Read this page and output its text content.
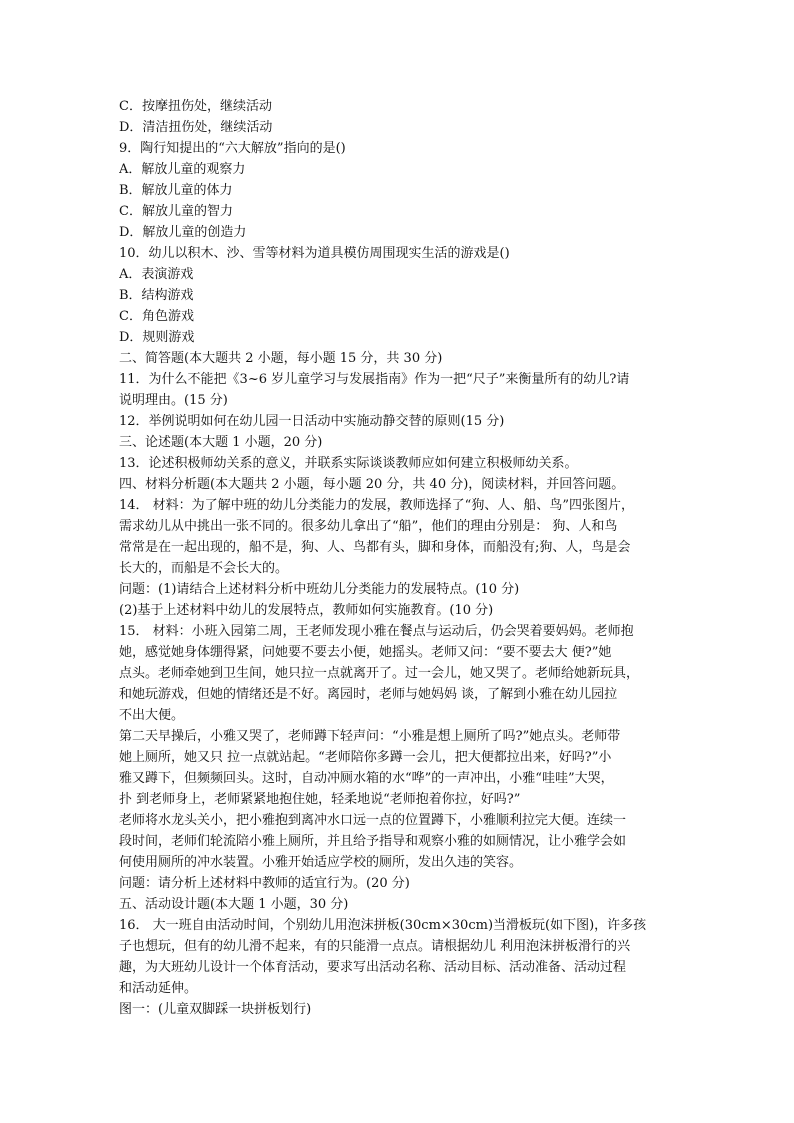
C．按摩扭伤处，继续活动
D．清洁扭伤处，继续活动
9．陶行知提出的“六大解放”指向的是()
A．解放儿童的观察力
B．解放儿童的体力
C．解放儿童的智力
D．解放儿童的创造力
10．幼儿以积木、沙、雪等材料为道具模仿周围现实生活的游戏是()
A．表演游戏
B．结构游戏
C．角色游戏
D．规则游戏
二、简答题(本大题共 2 小题，每小题 15 分，共 30 分)
11．为什么不能把《3~6 岁儿童学习与发展指南》作为一把“尺子”来衡量所有的幼儿?请
说明理由。(15 分)
12．举例说明如何在幼儿园一日活动中实施动静交替的原则(15 分)
三、论述题(本大题 1 小题，20 分)
13．论述积极师幼关系的意义，并联系实际谈谈教师应如何建立积极师幼关系。
四、材料分析题(本大题共 2 小题，每小题 20 分，共 40 分)，阅读材料，并回答问题。
14． 材料：为了解中班的幼儿分类能力的发展，教师选择了“狗、人、船、鸟”四张图片，
需求幼儿从中挑出一张不同的。很多幼儿拿出了“船”，他们的理由分别是： 狗、人和鸟
常常是在一起出现的，船不是，狗、人、鸟都有头，脚和身体，而船没有;狗、人，鸟是会
长大的，而船是不会长大的。
问题：(1)请结合上述材料分析中班幼儿分类能力的发展特点。(10 分)
(2)基于上述材料中幼儿的发展特点，教师如何实施教育。(10 分)
15． 材料：小班入园第二周，王老师发现小雅在餐点与运动后，仍会哭着要妈妈。老师抱
她，感觉她身体绷得紧，问她要不要去小便，她摇头。老师又问：“要不要去大 便?”她
点头。老师牵她到卫生间，她只拉一点就离开了。过一会儿，她又哭了。老师给她新玩具，
和她玩游戏，但她的情绪还是不好。离园时，老师与她妈妈 谈，了解到小雅在幼儿园拉
不出大便。
第二天早操后，小雅又哭了，老师蹲下轻声问：“小雅是想上厕所了吗?”她点头。老师带
她上厕所，她又只 拉一点就站起。“老师陪你多蹲一会儿，把大便都拉出来，好吗?”小
雅又蹲下，但频频回头。这时，自动冲厕水箱的水“哗”的一声冲出，小雅“哇哇”大哭，
扑 到老师身上，老师紧紧地抱住她，轻柔地说“老师抱着你拉，好吗?”
老师将水龙头关小，把小雅抱到离冲水口远一点的位置蹲下，小雅顺利拉完大便。连续一
段时间，老师们轮流陪小雅上厕所，并且给予指导和观察小雅的如厕情况，让小雅学会如
何使用厕所的冲水装置。小雅开始适应学校的厕所，发出久违的笑容。
问题：请分析上述材料中教师的适宜行为。(20 分)
五、活动设计题(本大题 1 小题，30 分)
16． 大一班自由活动时间，个别幼儿用泡沫拼板(30cm×30cm)当滑板玩(如下图)，许多孩
子也想玩，但有的幼儿滑不起来，有的只能滑一点点。请根据幼儿 利用泡沫拼板滑行的兴
趣，为大班幼儿设计一个体育活动，要求写出活动名称、活动目标、活动准备、活动过程
和活动延伸。
图一：(儿童双脚踩一块拼板划行)
